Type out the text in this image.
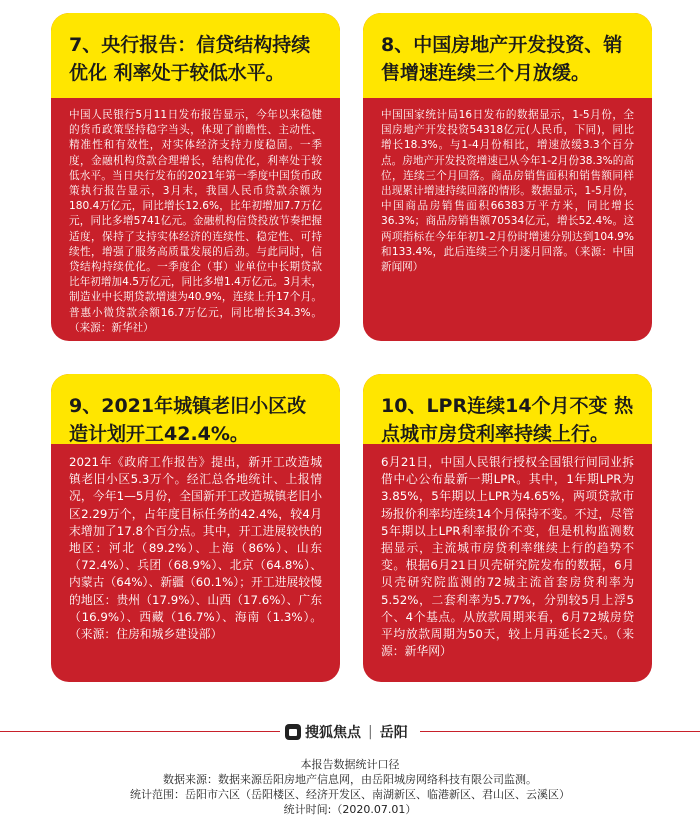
7、央行报告：信贷结构持续优化 利率处于较低水平。
中国人民银行5月11日发布报告显示，今年以来稳健的货币政策坚持稳字当头，体现了前瞻性、主动性、精准性和有效性，对实体经济支持力度稳固。一季度，金融机构贷款合理增长，结构优化，利率处于较低水平。当日央行发布的2021年第一季度中国货币政策执行报告显示，3月末，我国人民币贷款余额为180.4万亿元，同比增长12.6%，比年初增加7.7万亿元，同比多增5741亿元。金融机构信贷投放节奏把握适度，保持了支持实体经济的连续性、稳定性、可持续性，增强了服务高质量发展的后劲。与此同时，信贷结构持续优化。一季度企（事）业单位中长期贷款比年初增加4.5万亿元，同比多增1.4万亿元。3月末，制造业中长期贷款增速为40.9%，连续上升17个月。普惠小微贷款余额16.7万亿元，同比增长34.3%。（来源：新华社）
8、中国房地产开发投资、销售增速连续三个月放缓。
中国国家统计局16日发布的数据显示，1-5月份，全国房地产开发投资54318亿元(人民币，下同)，同比增长18.3%。与1-4月份相比，增速放缓3.3个百分点。房地产开发投资增速已从今年1-2月份38.3%的高位，连续三个月回落。商品房销售面积和销售额同样出现累计增速持续回落的情形。数据显示，1-5月份，中国商品房销售面积66383万平方米，同比增长36.3%；商品房销售额70534亿元，增长52.4%。这两项指标在今年年初1-2月份时增速分别达到104.9%和133.4%，此后连续三个月逐月回落。（来源：中国新闻网）
9、2021年城镇老旧小区改造计划开工42.4%。
2021年《政府工作报告》提出，新开工改造城镇老旧小区5.3万个。经汇总各地统计、上报情况，今年1—5月份，全国新开工改造城镇老旧小区2.29万个，占年度目标任务的42.4%，较4月末增加了17.8个百分点。其中，开工进展较快的地区：河北（89.2%）、上海（86%）、山东（72.4%）、兵团（68.9%）、北京（64.8%）、内蒙古（64%）、新疆（60.1%）；开工进展较慢的地区：贵州（17.9%）、山西（17.6%）、广东（16.9%）、西藏（16.7%）、海南（1.3%）。（来源：住房和城乡建设部）
10、LPR连续14个月不变 热点城市房贷利率持续上行。
6月21日，中国人民银行授权全国银行间同业拆借中心公布最新一期LPR。其中，1年期LPR为3.85%，5年期以上LPR为4.65%，两项贷款市场报价利率均连续14个月保持不变。不过，尽管5年期以上LPR利率报价不变，但是机构监测数据显示，主流城市房贷利率继续上行的趋势不变。根据6月21日贝壳研究院发布的数据，6月贝壳研究院监测的72城主流首套房贷利率为5.52%，二套利率为5.77%，分别较5月上浮5个、4个基点。从放款周期来看，6月72城房贷平均放款周期为50天，较上月再延长2天。（来源：新华网）
搜狐焦点 | 岳阳
本报告数据统计口径
数据来源：数据来源岳阳房地产信息网，由岳阳城房网络科技有限公司监测。
统计范围：岳阳市六区（岳阳楼区、经济开发区、南湖新区、临港新区、君山区、云溪区）
统计时间:（2020.07.01）
